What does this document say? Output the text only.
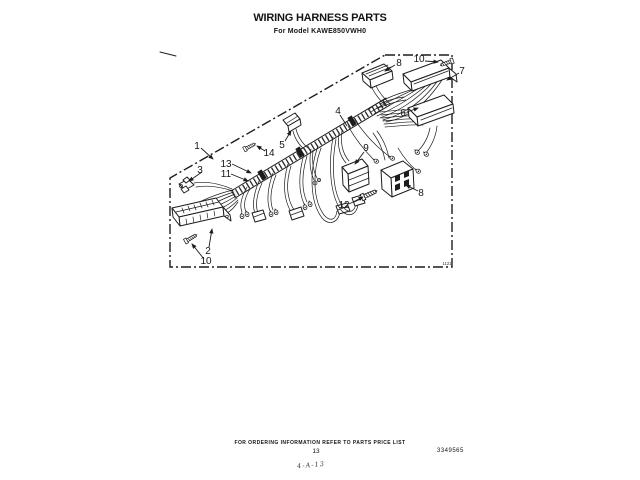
WIRING HARNESS PARTS
For Model KAWE850VWH0
1
2
3
4
5
6
7
8
8
9
10
10
11
12
13
14
1121
FOR ORDERING INFORMATION REFER TO PARTS PRICE LIST
13	3349565
4-A-13
